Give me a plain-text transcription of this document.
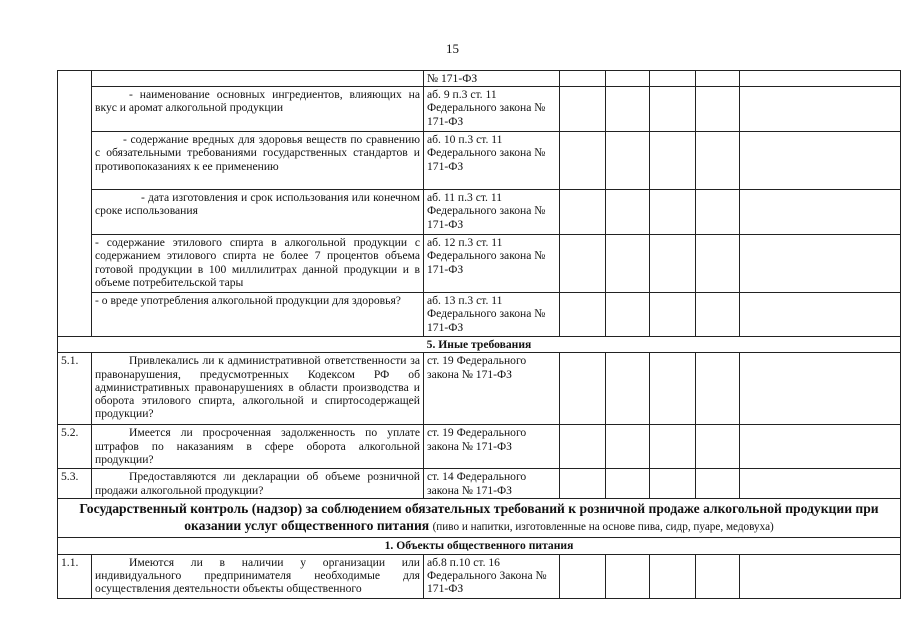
15
		№ 171-ФЗ					
	- наименование основных ингредиентов, влияющих на вкус и аромат алкогольной продукции	аб. 9 п.3 ст. 11 Федерального закона № 171-ФЗ					
	- содержание вредных для здоровья веществ по сравнению с обязательными требованиями государственных стандартов и противопоказаниях к ее применению	аб. 10 п.3 ст. 11 Федерального закона № 171-ФЗ					
	- дата изготовления и срок использования или конечном сроке использования	аб. 11 п.3 ст. 11 Федерального закона № 171-ФЗ					
	- содержание этилового спирта в алкогольной продукции с содержанием этилового спирта не более 7 процентов объема готовой продукции в 100 миллилитрах данной продукции и в объеме потребительской тары	аб. 12 п.3 ст. 11 Федерального закона № 171-ФЗ					
	- о вреде употребления алкогольной продукции для здоровья?	аб. 13 п.3 ст. 11 Федерального закона № 171-ФЗ					
5. Иные требования							
5.1.	Привлекались ли к административной ответственности за правонарушения, предусмотренных Кодексом РФ об административных правонарушениях в области производства и оборота этилового спирта, алкогольной и спиртосодержащей продукции?	ст. 19 Федерального закона № 171-ФЗ					
5.2.	Имеется ли просроченная задолженность по уплате штрафов по наказаниям в сфере оборота алкогольной продукции?	ст. 19 Федерального закона № 171-ФЗ					
5.3.	Предоставляются ли декларации об объеме розничной продажи алкогольной продукции?	ст. 14 Федерального закона № 171-ФЗ					
Государственный контроль (надзор) за соблюдением обязательных требований к розничной продаже алкогольной продукции при оказании услуг общественного питания (пиво и напитки, изготовленные на основе пива, сидр, пуаре, медовуха)							
1. Объекты общественного питания							
1.1.	Имеются ли в наличии у организации или индивидуального предпринимателя необходимые для осуществления деятельности объекты общественного	аб.8 п.10 ст. 16 Федерального Закона № 171-ФЗ					
